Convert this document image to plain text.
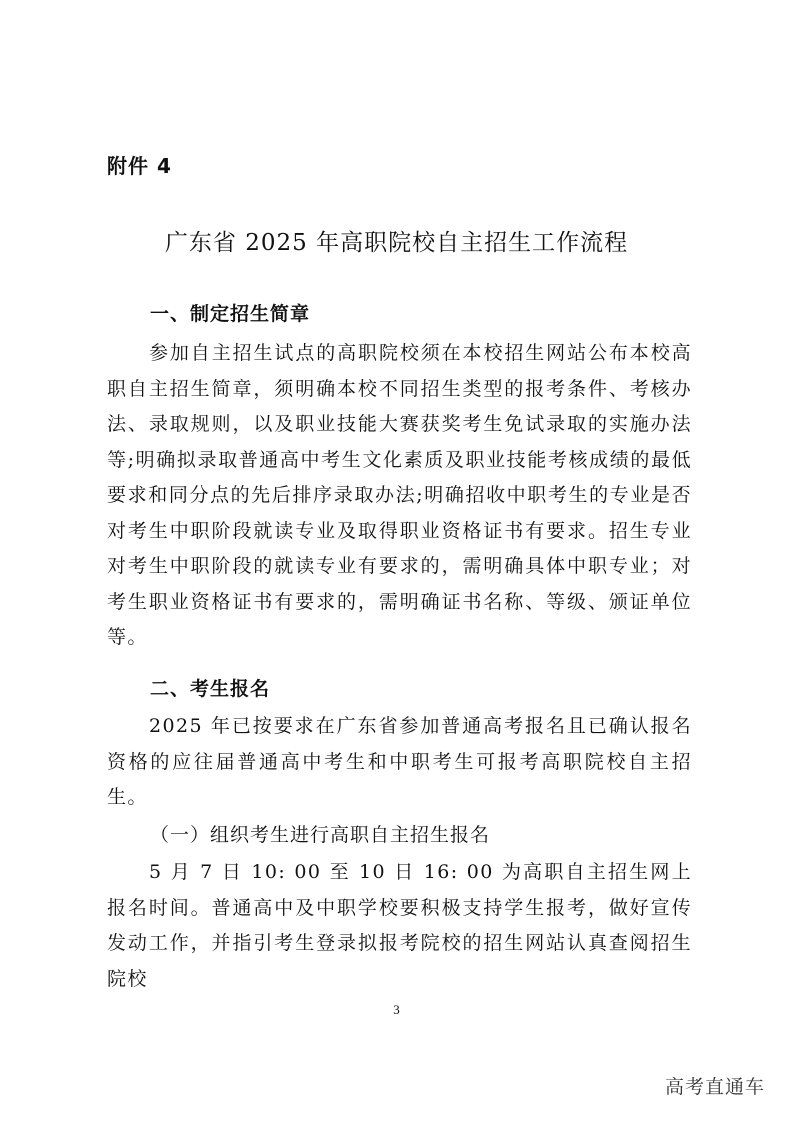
附件 4
广东省 2025 年高职院校自主招生工作流程
一、制定招生简章

参加自主招生试点的高职院校须在本校招生网站公布本校高职自主招生简章，须明确本校不同招生类型的报考条件、考核办法、录取规则，以及职业技能大赛获奖考生免试录取的实施办法等;明确拟录取普通高中考生文化素质及职业技能考核成绩的最低要求和同分点的先后排序录取办法;明确招收中职考生的专业是否对考生中职阶段就读专业及取得职业资格证书有要求。招生专业对考生中职阶段的就读专业有要求的，需明确具体中职专业；对考生职业资格证书有要求的，需明确证书名称、等级、颁证单位等。

二、考生报名

2025 年已按要求在广东省参加普通高考报名且已确认报名资格的应往届普通高中考生和中职考生可报考高职院校自主招生。

（一）组织考生进行高职自主招生报名

5 月 7 日 10: 00 至 10 日 16: 00 为高职自主招生网上报名时间。普通高中及中职学校要积极支持学生报考，做好宣传发动工作，并指引考生登录拟报考院校的招生网站认真查阅招生院校

3
高考直通车
